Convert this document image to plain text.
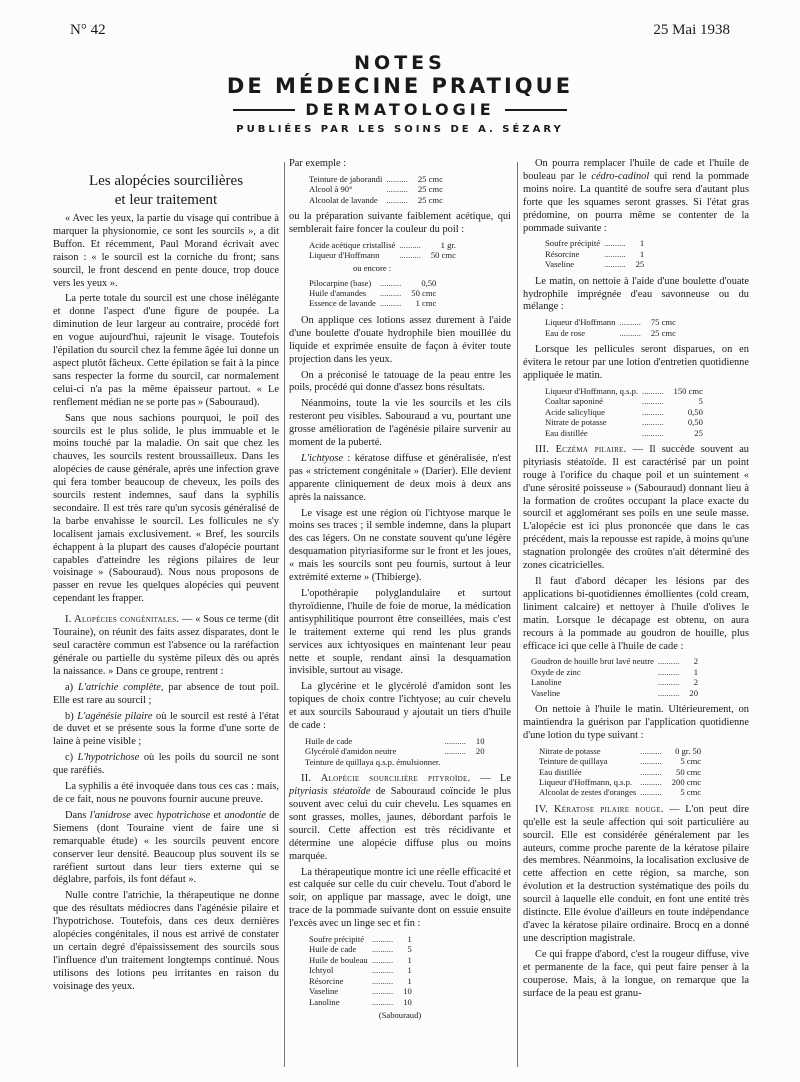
N° 42	25 Mai 1938
NOTES
DE MÉDECINE PRATIQUE
DERMATOLOGIE
PUBLIÉES PAR LES SOINS DE A. SÉZARY

Les alopécies sourcilières
et leur traitement

« Avec les yeux, la partie du visage qui contribue à marquer la physionomie, ce sont les sourcils », a dit Buffon. Et récemment, Paul Morand écrivait avec raison : « le sourcil est la corniche du front; sans sourcil, le front descend en pente douce, trop douce vers les yeux ».

La perte totale du sourcil est une chose inélégante et donne l'aspect d'une figure de poupée. La diminution de leur largeur au contraire, procédé fort en vogue aujourd'hui, rajeunit le visage. Toutefois l'épilation du sourcil chez la femme âgée lui donne un aspect plutôt fâcheux. Cette épilation se fait à la pince sans respecter la forme du sourcil, car normalement celui-ci n'a pas la même épaisseur partout. « Le renflement médian ne se porte pas » (Sabouraud).

Sans que nous sachions pourquoi, le poil des sourcils est le plus solide, le plus immuable et le moins touché par la maladie. On sait que chez les chauves, les sourcils restent broussailleux. Dans les alopécies de cause générale, après une infection grave qui fera tomber beaucoup de cheveux, les poils des sourcils restent indemnes, sauf dans la syphilis secondaire. Il est très rare qu'un sycosis généralisé de la barbe envahisse le sourcil. Les follicules ne s'y localisent jamais exclusivement. « Bref, les sourcils échappent à la plupart des causes d'alopécie pourtant capables d'atteindre les régions pilaires de leur voisinage » (Sabouraud). Nous nous proposons de passer en revue les quelques alopécies qui peuvent cependant les frapper.

I. Alopécies congénitales. — « Sous ce terme (dit Touraine), on réunit des faits assez disparates, dont le seul caractère commun est l'absence ou la raréfaction générale ou partielle du système pileux dès ou après la naissance. » Dans ce groupe, rentrent :

a) L'atrichie complète, par absence de tout poil. Elle est rare au sourcil ;

b) L'agénésie pilaire où le sourcil est resté à l'état de duvet et se présente sous la forme d'une sorte de laine à peine visible ;

c) L'hypotrichose où les poils du sourcil ne sont que raréfiés.

La syphilis a été invoquée dans tous ces cas : mais, de ce fait, nous ne pouvons fournir aucune preuve.

Dans l'anidrose avec hypotrichose et anodontie de Siemens (dont Touraine vient de faire une si remarquable étude) « les sourcils peuvent encore conserver leur densité. Beaucoup plus souvent ils se raréfient surtout dans leur tiers externe qui se déglabre, parfois, ils font défaut ».

Nulle contre l'atrichie, la thérapeutique ne donne que des résultats médiocres dans l'agénésie pilaire et l'hypotrichose. Toutefois, dans ces deux dernières alopécies congénitales, il nous est arrivé de constater un certain degré d'épaississement des sourcils sous l'influence d'un traitement longtemps continué. Nous utilisons des lotions peu irritantes en raison du voisinage des yeux.

Par exemple :

Teinture de jaborandi	..........	25 cmc
Alcool à 90°	..........	25 cmc
Alcoolat de lavande	..........	25 cmc

ou la préparation suivante faiblement acétique, qui semblerait faire foncer la couleur du poil :

Acide acétique cristallisé	..........	1 gr.
Liqueur d'Hoffmann	..........	50 cmc
ou encore :
Pilocarpine (base)	..........	0,50
Huile d'amandes	..........	50 cmc
Essence de lavande	..........	1 cmc

On applique ces lotions assez durement à l'aide d'une boulette d'ouate hydrophile bien mouillée du liquide et exprimée ensuite de façon à éviter toute projection dans les yeux.

On a préconisé le tatouage de la peau entre les poils, procédé qui donne d'assez bons résultats.

Néanmoins, toute la vie les sourcils et les cils resteront peu visibles. Sabouraud a vu, pourtant une grosse amélioration de l'agénésie pilaire survenir au moment de la puberté.

L'ichtyose : kératose diffuse et généralisée, n'est pas « strictement congénitale » (Darier). Elle devient apparente cliniquement de deux mois à deux ans après la naissance.

Le visage est une région où l'ichtyose marque le moins ses traces ; il semble indemne, dans la plupart des cas légers. On ne constate souvent qu'une légère desquamation pityriasiforme sur le front et les joues, « mais les sourcils sont peu fournis, surtout à leur extrémité externe » (Thibierge).

L'opothérapie polyglandulaire et surtout thyroïdienne, l'huile de foie de morue, la médication antisyphilitique pourront être conseillées, mais c'est le traitement externe qui rend les plus grands services aux ichtyosiques en maintenant leur peau nette et souple, rendant ainsi la desquamation invisible, surtout au visage.

La glycérine et le glycérolé d'amidon sont les topiques de choix contre l'ichtyose; au cuir chevelu et aux sourcils Sabouraud y ajoutait un tiers d'huile de cade :

Huile de cade	..........	10
Glycérolé d'amidon neutre	..........	20
Teinture de quillaya q.s.p. émulsionner.		

II. Alopécie sourcilière pityroïde. — Le pityriasis stéatoïde de Sabouraud coïncide le plus souvent avec celui du cuir chevelu. Les squames en sont grasses, molles, jaunes, débordant parfois le sourcil. Cette affection est très récidivante et détermine une alopécie diffuse plus ou moins marquée.

La thérapeutique montre ici une réelle efficacité et est calquée sur celle du cuir chevelu. Tout d'abord le soir, on applique par massage, avec le doigt, une trace de la pommade suivante dont on essuie ensuite l'excès avec un linge sec et fin :

Soufre précipité	..........	1
Huile de cade	..........	5
Huile de bouleau	..........	1
Ichtyol	..........	1
Résorcine	..........	1
Vaseline	..........	10
Lanoline	..........	10
(Sabouraud)

On pourra remplacer l'huile de cade et l'huile de bouleau par le cédro-cadinol qui rend la pommade moins noire. La quantité de soufre sera d'autant plus forte que les squames seront grasses. Si l'état gras prédomine, on pourra même se contenter de la pommade suivante :

Soufre précipité	..........	1
Résorcine	..........	1
Vaseline	..........	25

Le matin, on nettoie à l'aide d'une boulette d'ouate hydrophile imprégnée d'eau savonneuse ou du mélange :

Liqueur d'Hoffmann	..........	75 cmc
Eau de rose	..........	25 cmc

Lorsque les pellicules seront disparues, on en évitera le retour par une lotion d'entretien quotidienne appliquée le matin.

Liqueur d'Hoffmann, q.s.p.	..........	150 cmc
Coaltar saponiné	..........	5
Acide salicylique	..........	0,50
Nitrate de potasse	..........	0,50
Eau distillée	..........	25

III. Eczéma pilaire. — Il succède souvent au pityriasis stéatoïde. Il est caractérisé par un point rouge à l'orifice du chaque poil et un suintement « d'une sérosité poisseuse » (Sabouraud) donnant lieu à la formation de croûtes occupant la place exacte du sourcil et agglomérant ses poils en une seule masse. L'alopécie est ici plus prononcée que dans le cas précédent, mais la repousse est rapide, à moins qu'une stagnation prolongée des croûtes n'ait déterminé des zones cicatricielles.

Il faut d'abord décaper les lésions par des applications bi-quotidiennes émollientes (cold cream, liniment calcaire) et nettoyer à l'huile d'olives le matin. Lorsque le décapage est obtenu, on aura recours à la pommade au goudron de houille, plus efficace ici que celle à l'huile de cade :

Goudron de houille brut lavé neutre	..........	2
Oxyde de zinc	..........	1
Lanoline	..........	2
Vaseline	..........	20

On nettoie à l'huile le matin. Ultérieurement, on maintiendra la guérison par l'application quotidienne d'une lotion du type suivant :

Nitrate de potasse	..........	0 gr. 50
Teinture de quillaya	..........	5 cmc
Eau distillée	..........	50 cmc
Liqueur d'Hoffmann, q.s.p.	..........	200 cmc
Alcoolat de zestes d'oranges	..........	5 cmc

IV. Kératose pilaire rouge. — L'on peut dire qu'elle est la seule affection qui soit particulière au sourcil. Elle est considérée généralement par les auteurs, comme proche parente de la kératose pilaire des membres. Néanmoins, la localisation exclusive de cette affection en cette région, sa marche, son évolution et la destruction systématique des poils du sourcil à laquelle elle conduit, en font une entité très distincte. Elle évolue d'ailleurs en toute indépendance d'avec la kératose pilaire ordinaire. Brocq en a donné une description magistrale.

Ce qui frappe d'abord, c'est la rougeur diffuse, vive et permanente de la face, qui peut faire penser à la couperose. Mais, à la longue, on remarque que la surface de la peau est granu-
